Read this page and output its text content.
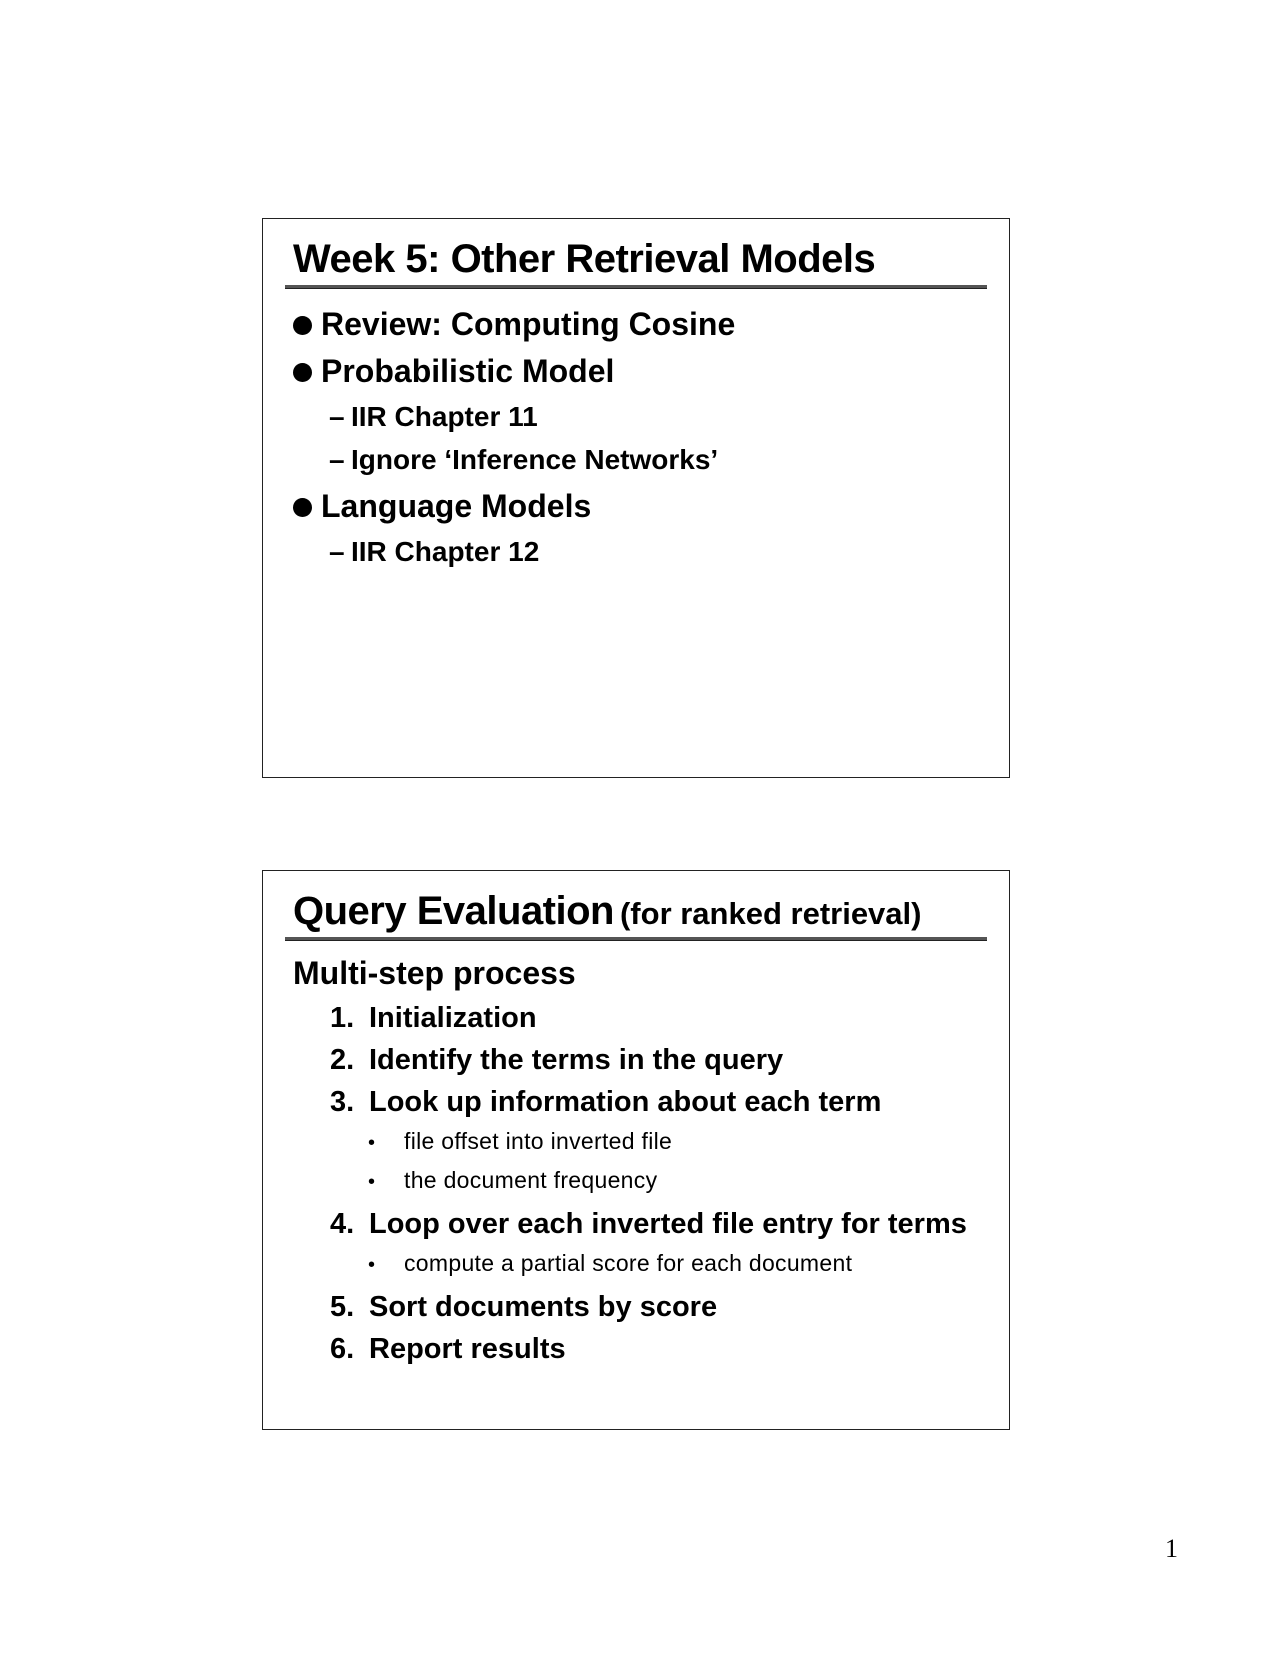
Week 5: Other Retrieval Models
Review: Computing Cosine
Probabilistic Model
– IIR Chapter 11
– Ignore ‘Inference Networks’
Language Models
– IIR Chapter 12
Query Evaluation (for ranked retrieval)
Multi-step process
1. Initialization
2. Identify the terms in the query
3. Look up information about each term
• file offset into inverted file
• the document frequency
4. Loop over each inverted file entry for terms
• compute a partial score for each document
5. Sort documents by score
6. Report results
1
